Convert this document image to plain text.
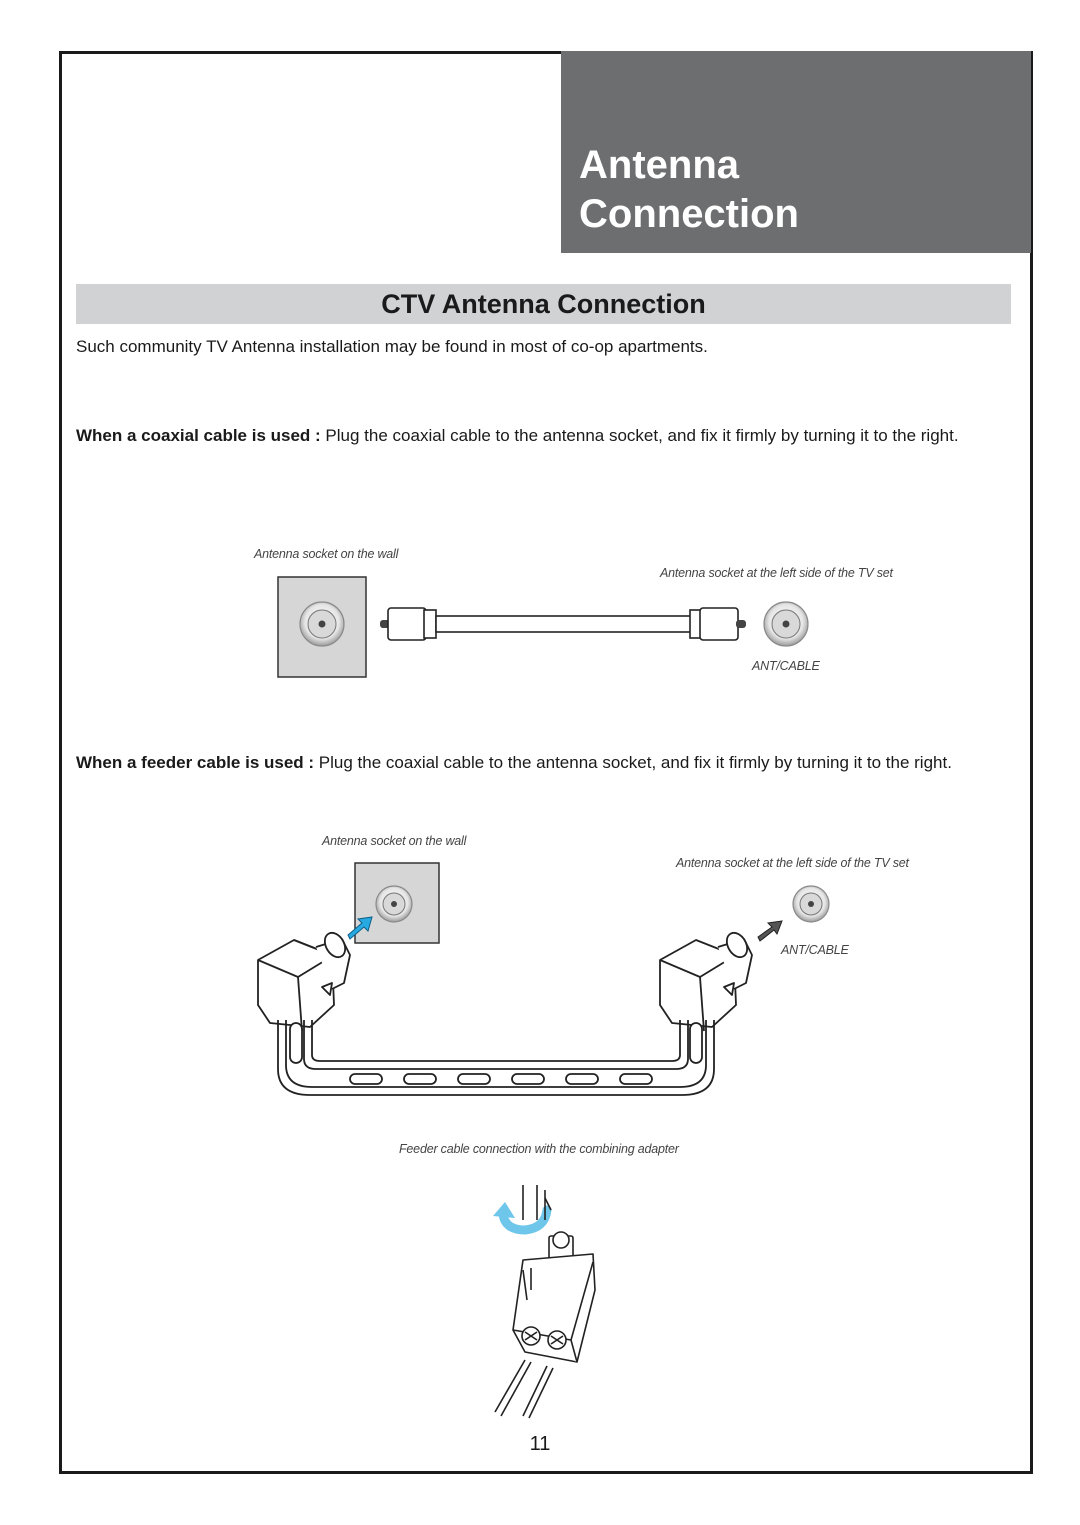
Antenna
Connection
CTV Antenna Connection
Such community TV Antenna installation may be found in most of co-op apartments.
When a coaxial cable is used : Plug the coaxial cable to the antenna socket, and fix it firmly by turning it to the right.
Antenna socket on the wall
Antenna socket at the left side of the TV set
ANT/CABLE
When a feeder cable is used : Plug the coaxial cable to the antenna socket, and fix it firmly by turning it to the right.
Antenna socket on the wall
Antenna socket at the left side of the TV set
ANT/CABLE
Feeder cable connection with the combining adapter
11
